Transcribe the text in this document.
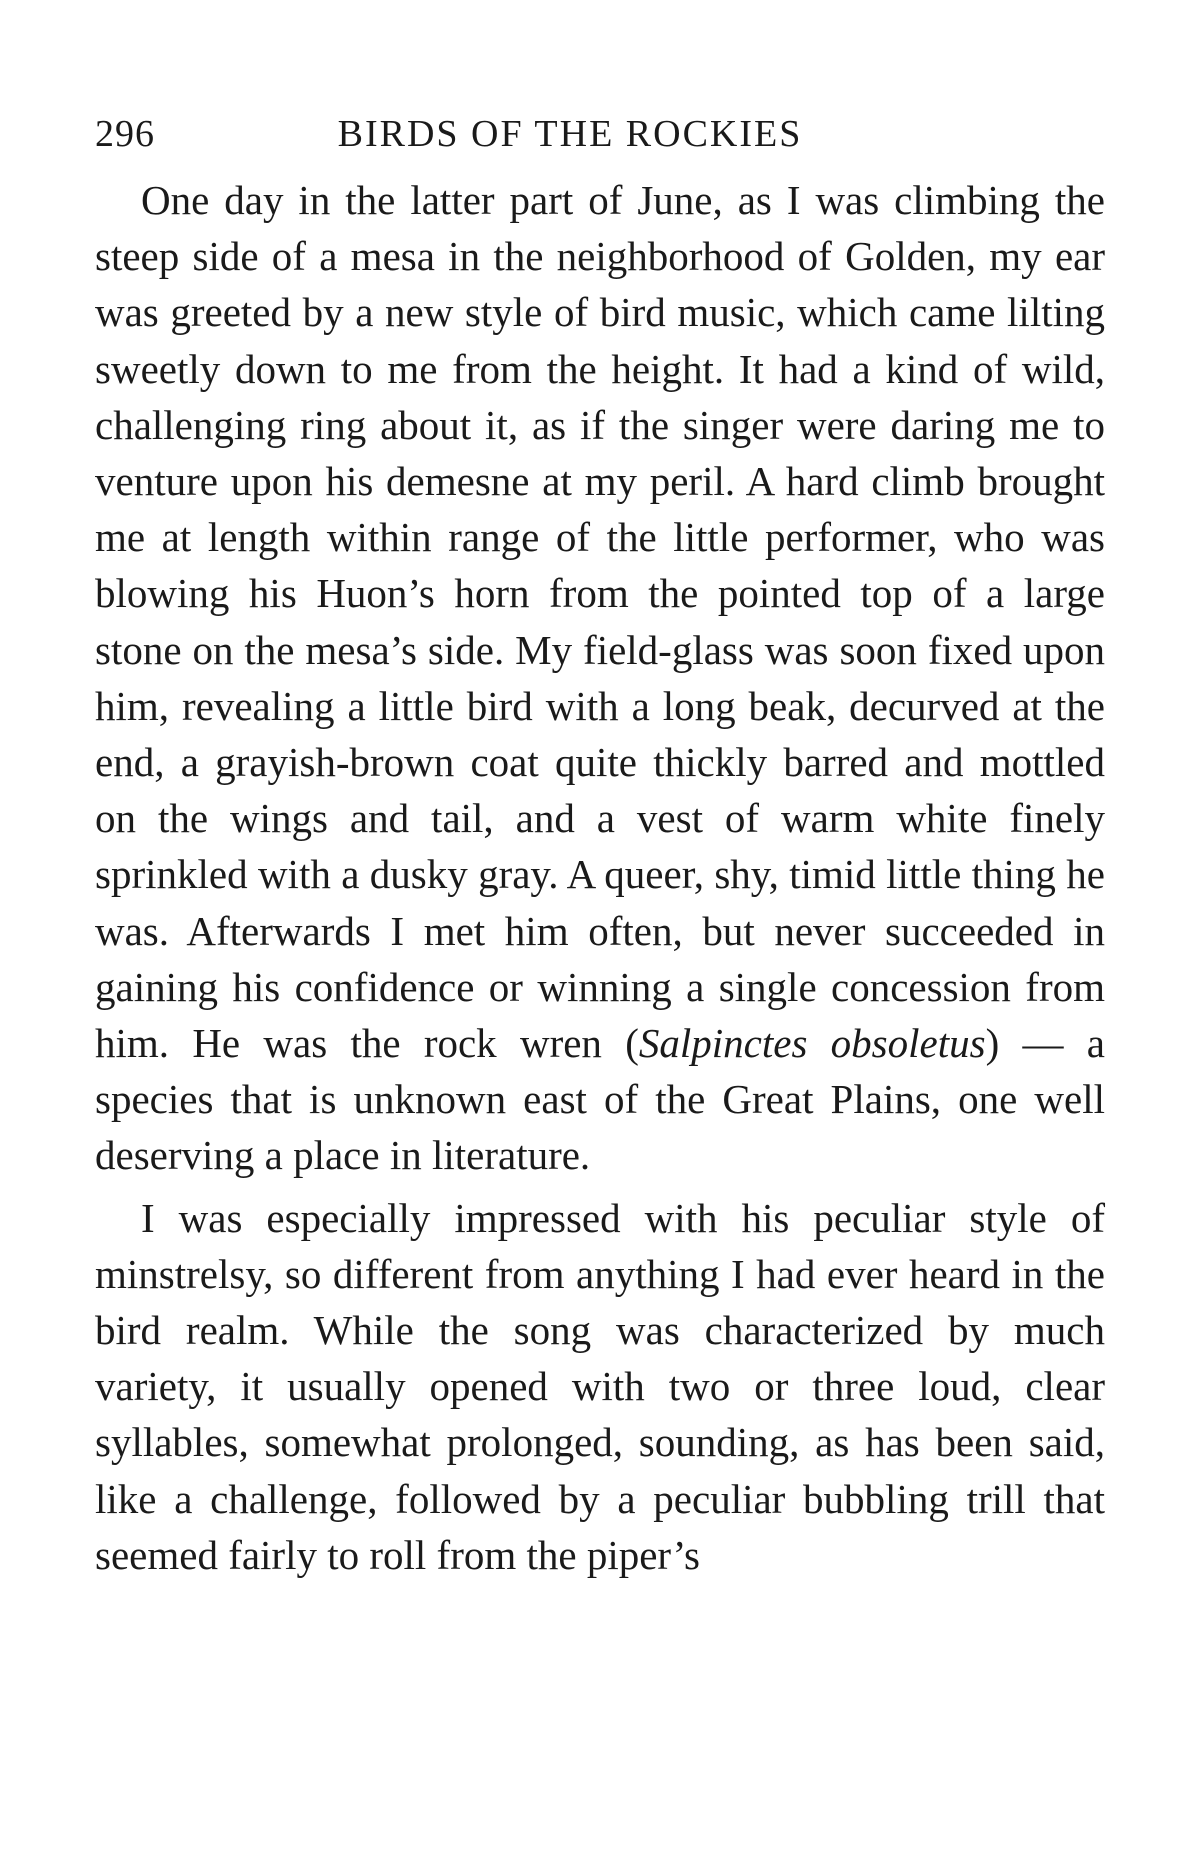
296	BIRDS OF THE ROCKIES

One day in the latter part of June, as I was climbing the steep side of a mesa in the neighborhood of Golden, my ear was greeted by a new style of bird music, which came lilting sweetly down to me from the height. It had a kind of wild, challenging ring about it, as if the singer were daring me to venture upon his demesne at my peril. A hard climb brought me at length within range of the little performer, who was blowing his Huon’s horn from the pointed top of a large stone on the mesa’s side. My field-glass was soon fixed upon him, revealing a little bird with a long beak, decurved at the end, a grayish-brown coat quite thickly barred and mottled on the wings and tail, and a vest of warm white finely sprinkled with a dusky gray. A queer, shy, timid little thing he was. Afterwards I met him often, but never succeeded in gaining his confidence or winning a single concession from him. He was the rock wren (Salpinctes obsoletus) — a species that is unknown east of the Great Plains, one well deserving a place in literature.

I was especially impressed with his peculiar style of minstrelsy, so different from anything I had ever heard in the bird realm. While the song was characterized by much variety, it usually opened with two or three loud, clear syllables, somewhat prolonged, sounding, as has been said, like a challenge, followed by a peculiar bubbling trill that seemed fairly to roll from the piper’s
